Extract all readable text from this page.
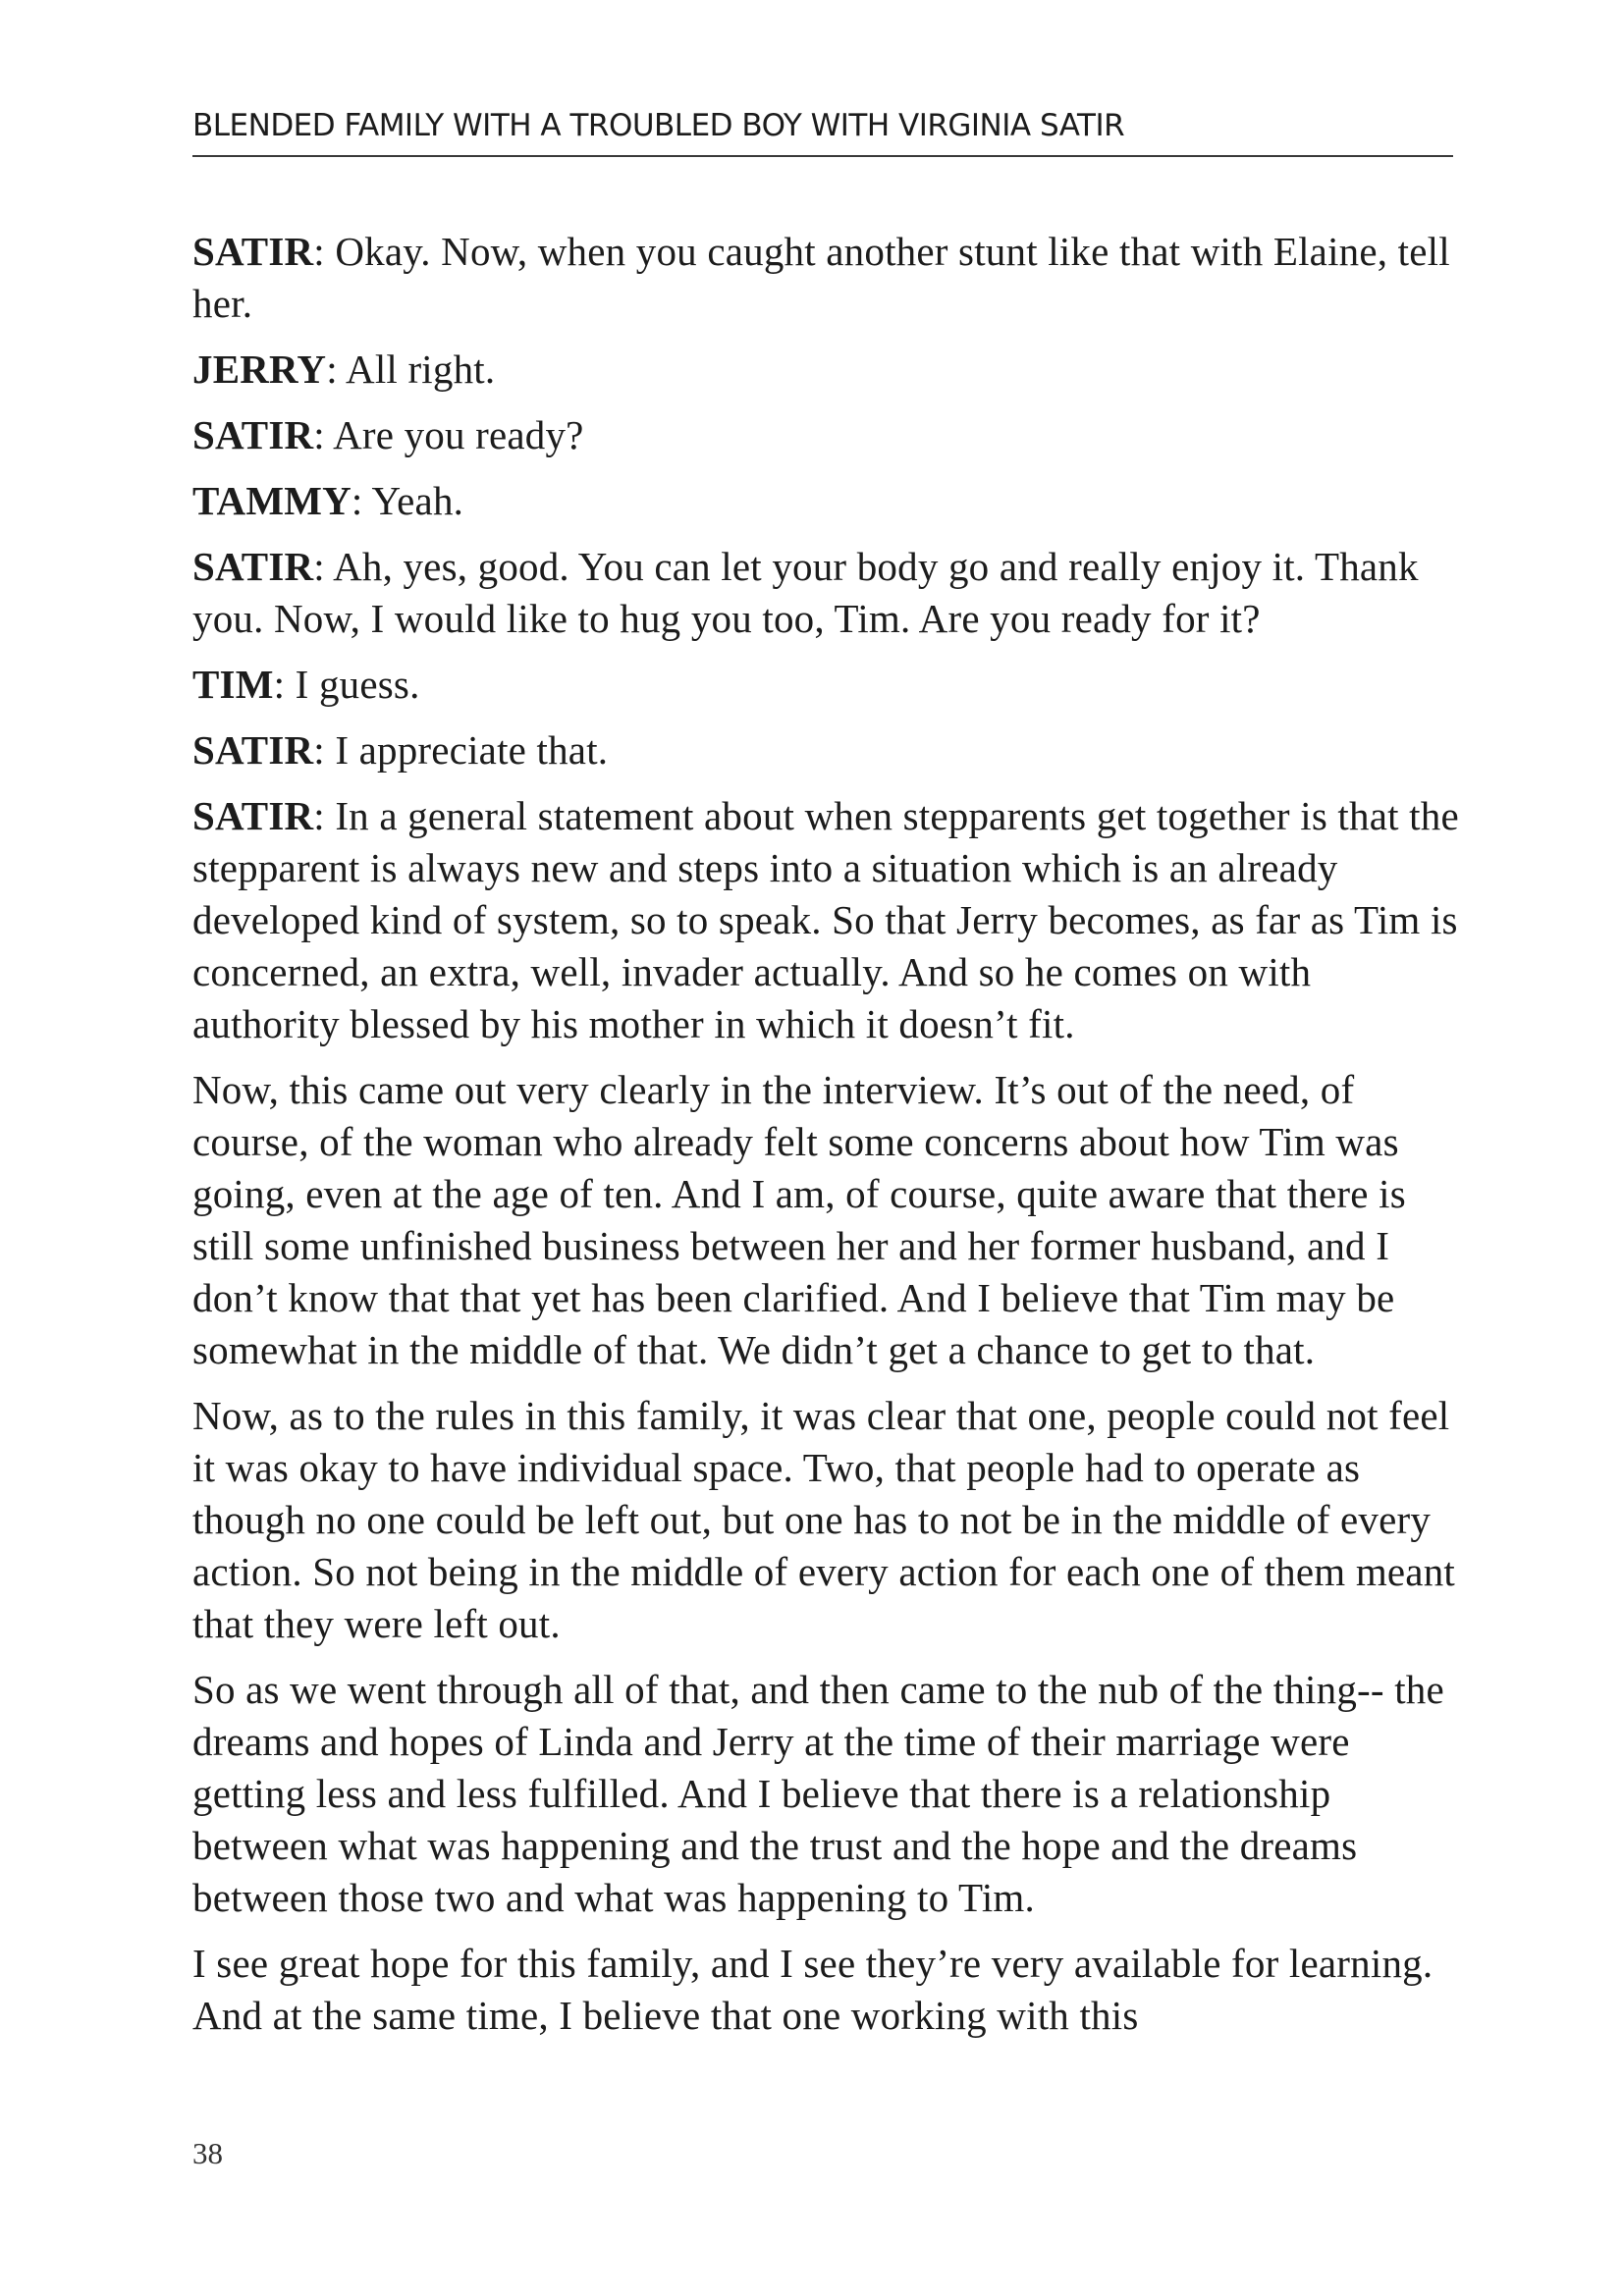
BLENDED FAMILY WITH A TROUBLED BOY WITH VIRGINIA SATIR

SATIR: Okay. Now, when you caught another stunt like that with Elaine, tell her.

JERRY: All right.

SATIR: Are you ready?

TAMMY: Yeah.

SATIR: Ah, yes, good. You can let your body go and really enjoy it. Thank you. Now, I would like to hug you too, Tim. Are you ready for it?

TIM: I guess.

SATIR: I appreciate that.

SATIR: In a general statement about when stepparents get together is that the stepparent is always new and steps into a situation which is an already developed kind of system, so to speak. So that Jerry becomes, as far as Tim is concerned, an extra, well, invader actually. And so he comes on with authority blessed by his mother in which it doesn’t fit.

Now, this came out very clearly in the interview. It’s out of the need, of course, of the woman who already felt some concerns about how Tim was going, even at the age of ten. And I am, of course, quite aware that there is still some unfinished business between her and her former husband, and I don’t know that that yet has been clarified. And I believe that Tim may be somewhat in the middle of that. We didn’t get a chance to get to that.

Now, as to the rules in this family, it was clear that one, people could not feel it was okay to have individual space. Two, that people had to operate as though no one could be left out, but one has to not be in the middle of every action. So not being in the middle of every action for each one of them meant that they were left out.

So as we went through all of that, and then came to the nub of the thing-- the dreams and hopes of Linda and Jerry at the time of their marriage were getting less and less fulfilled. And I believe that there is a relationship between what was happening and the trust and the hope and the dreams between those two and what was happening to Tim.

I see great hope for this family, and I see they’re very available for learning. And at the same time, I believe that one working with this

38
